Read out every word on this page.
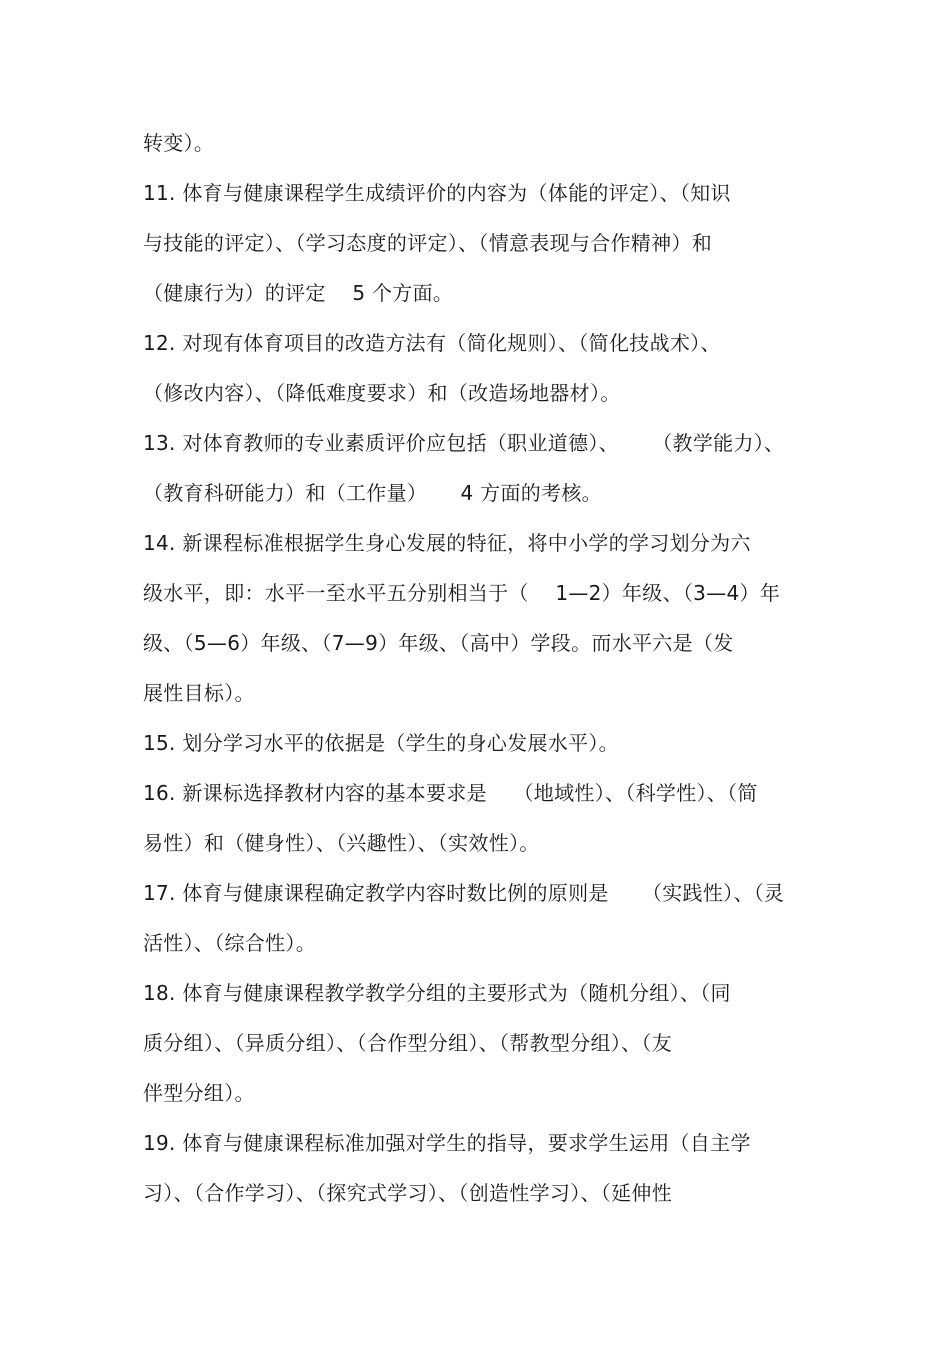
转变）。
11. 体育与健康课程学生成绩评价的内容为（体能的评定）、（知识
与技能的评定）、（学习态度的评定）、（情意表现与合作精神）和
（健康行为）的评定    5 个方面。
12. 对现有体育项目的改造方法有（简化规则）、（简化技战术）、
（修改内容）、（降低难度要求）和（改造场地器材）。
13. 对体育教师的专业素质评价应包括（职业道德）、     （教学能力）、
（教育科研能力）和（工作量）     4 方面的考核。
14. 新课程标准根据学生身心发展的特征，将中小学的学习划分为六
级水平，即：水平一至水平五分别相当于（    1—2）年级、（3—4）年
级、（5—6）年级、（7—9）年级、（高中）学段。而水平六是（发
展性目标）。
15. 划分学习水平的依据是（学生的身心发展水平）。
16. 新课标选择教材内容的基本要求是    （地域性）、（科学性）、（简
易性）和（健身性）、（兴趣性）、（实效性）。
17. 体育与健康课程确定教学内容时数比例的原则是     （实践性）、（灵
活性）、（综合性）。
18. 体育与健康课程教学教学分组的主要形式为（随机分组）、（同
质分组）、（异质分组）、（合作型分组）、（帮教型分组）、（友
伴型分组）。
19. 体育与健康课程标准加强对学生的指导，要求学生运用（自主学
习）、（合作学习）、（探究式学习）、（创造性学习）、（延伸性
